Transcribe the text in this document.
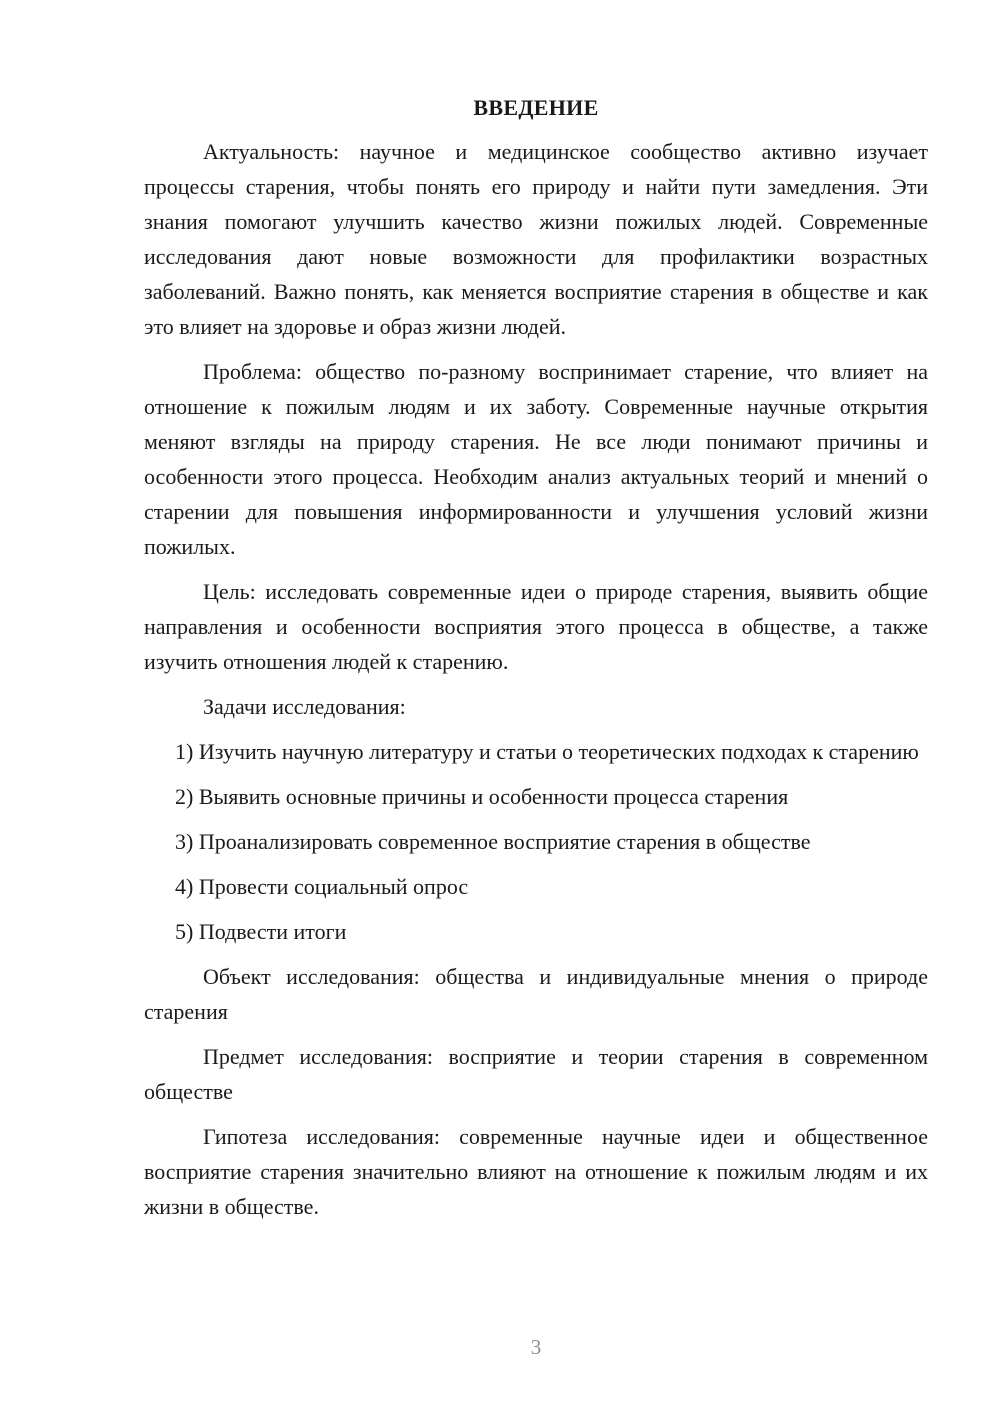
ВВЕДЕНИЕ

Актуальность: научное и медицинское сообщество активно изучает процессы старения, чтобы понять его природу и найти пути замедления. Эти знания помогают улучшить качество жизни пожилых людей. Современные исследования дают новые возможности для профилактики возрастных заболеваний. Важно понять, как меняется восприятие старения в обществе и как это влияет на здоровье и образ жизни людей.

Проблема: общество по-разному воспринимает старение, что влияет на отношение к пожилым людям и их заботу. Современные научные открытия меняют взгляды на природу старения. Не все люди понимают причины и особенности этого процесса. Необходим анализ актуальных теорий и мнений о старении для повышения информированности и улучшения условий жизни пожилых.

Цель: исследовать современные идеи о природе старения, выявить общие направления и особенности восприятия этого процесса в обществе, а также изучить отношения людей к старению.

Задачи исследования:

1) Изучить научную литературу и статьи о теоретических подходах к старению

2) Выявить основные причины и особенности процесса старения

3) Проанализировать современное восприятие старения в обществе

4) Провести социальный опрос

5) Подвести итоги

Объект исследования: общества и индивидуальные мнения о природе старения

Предмет исследования: восприятие и теории старения в современном обществе

Гипотеза исследования: современные научные идеи и общественное восприятие старения значительно влияют на отношение к пожилым людям и их жизни в обществе.

3
